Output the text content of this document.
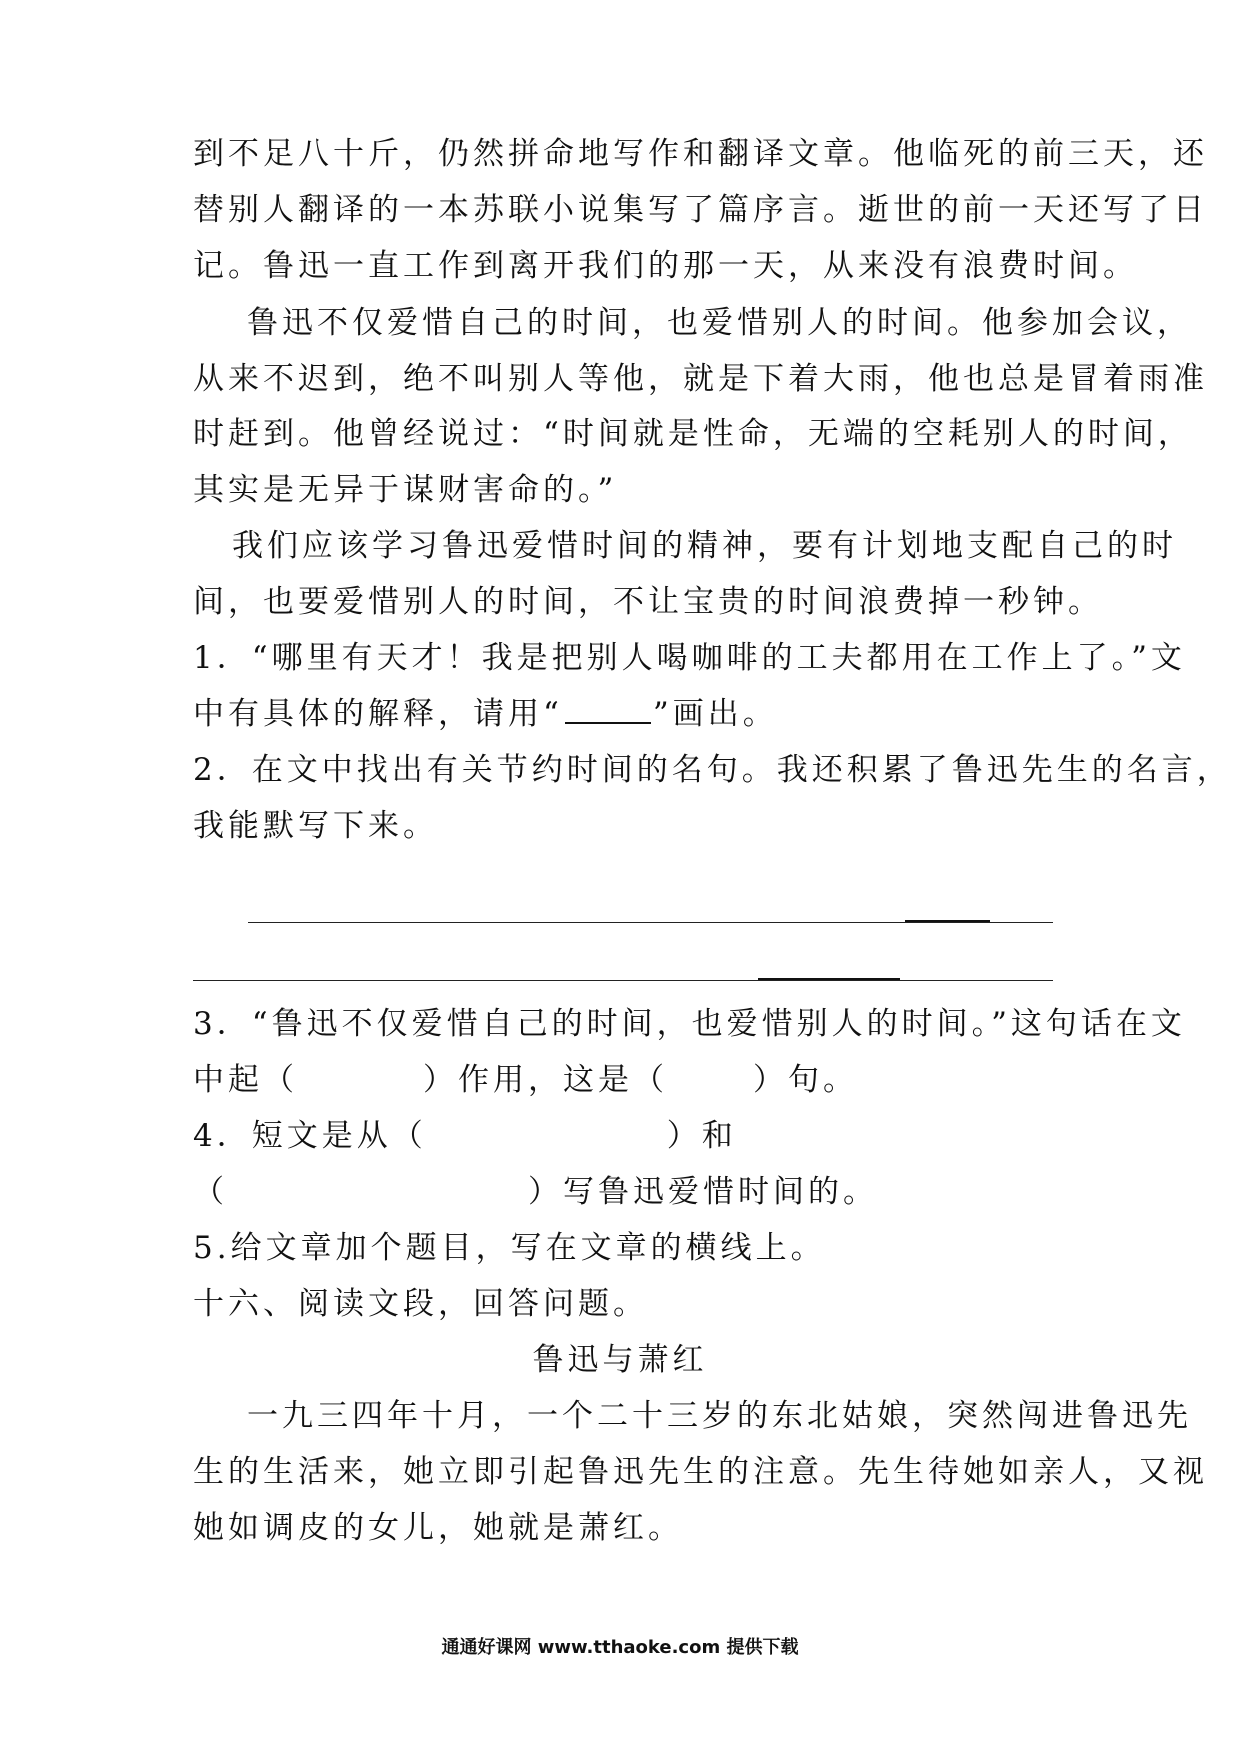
到不足八十斤，仍然拼命地写作和翻译文章。他临死的前三天，还
替别人翻译的一本苏联小说集写了篇序言。逝世的前一天还写了日
记。鲁迅一直工作到离开我们的那一天，从来没有浪费时间。
鲁迅不仅爱惜自己的时间，也爱惜别人的时间。他参加会议，
从来不迟到，绝不叫别人等他，就是下着大雨，他也总是冒着雨准
时赶到。他曾经说过：“时间就是性命，无端的空耗别人的时间，
其实是无异于谋财害命的。”
我们应该学习鲁迅爱惜时间的精神，要有计划地支配自己的时
间，也要爱惜别人的时间，不让宝贵的时间浪费掉一秒钟。
1．“哪里有天才！我是把别人喝咖啡的工夫都用在工作上了。”文
中有具体的解释，请用“	”画出。
2．在文中找出有关节约时间的名句。我还积累了鲁迅先生的名言，
我能默写下来。
3．“鲁迅不仅爱惜自己的时间，也爱惜别人的时间。”这句话在文
中起（	）作用，这是（	）句。
4．短文是从（	）和
（	）写鲁迅爱惜时间的。
5.给文章加个题目，写在文章的横线上。
十六、阅读文段，回答问题。
鲁迅与萧红
一九三四年十月，一个二十三岁的东北姑娘，突然闯进鲁迅先
生的生活来，她立即引起鲁迅先生的注意。先生待她如亲人，又视
她如调皮的女儿，她就是萧红。
通通好课网 www.tthaoke.com 提供下载
